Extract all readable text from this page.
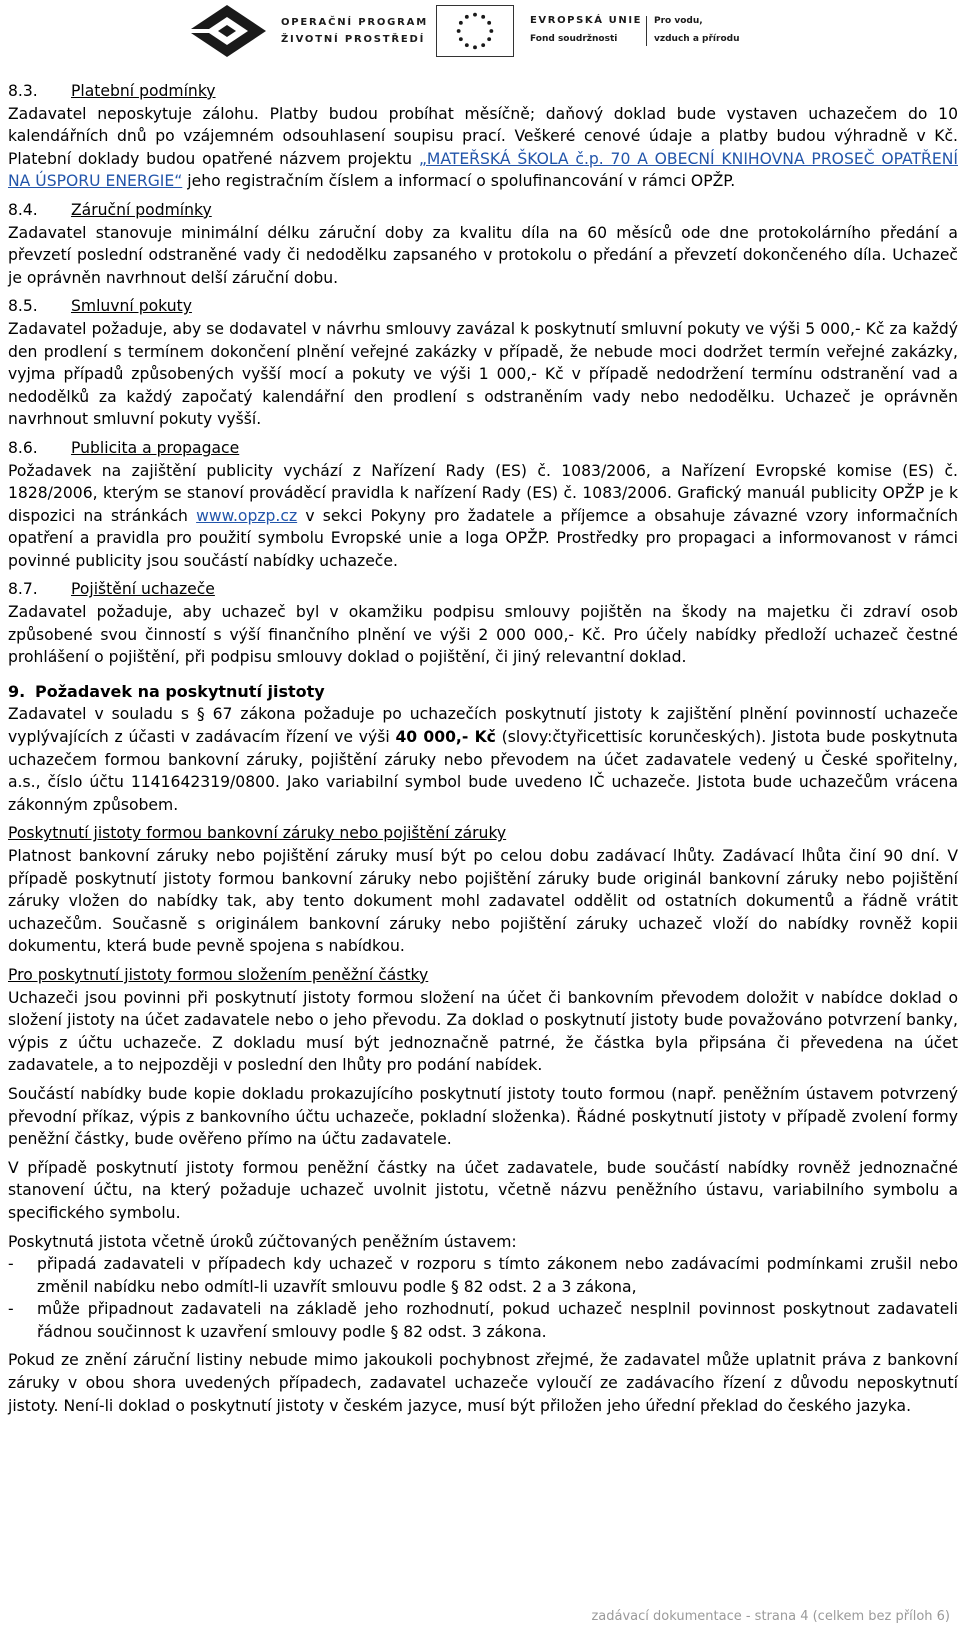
OPERAČNÍ PROGRAM
ŽIVOTNÍ PROSTŘEDÍ
EVROPSKÁ UNIE
Fond soudržnosti
Pro vodu,
vzduch a přírodu

8.3. Platební podmínky

Zadavatel neposkytuje zálohu. Platby budou probíhat měsíčně; daňový doklad bude vystaven uchazečem do 10 kalendářních dnů po vzájemném odsouhlasení soupisu prací. Veškeré cenové údaje a platby budou výhradně v Kč. Platební doklady budou opatřené názvem projektu „MATEŘSKÁ ŠKOLA č.p. 70 A OBECNÍ KNIHOVNA PROSEČ OPATŘENÍ NA ÚSPORU ENERGIE“ jeho registračním číslem a informací o spolufinancování v rámci OPŽP.

8.4. Záruční podmínky

Zadavatel stanovuje minimální délku záruční doby za kvalitu díla na 60 měsíců ode dne protokolárního předání a převzetí poslední odstraněné vady či nedodělku zapsaného v protokolu o předání a převzetí dokončeného díla. Uchazeč je oprávněn navrhnout delší záruční dobu.

8.5. Smluvní pokuty

Zadavatel požaduje, aby se dodavatel v návrhu smlouvy zavázal k poskytnutí smluvní pokuty ve výši 5 000,- Kč za každý den prodlení s termínem dokončení plnění veřejné zakázky v případě, že nebude moci dodržet termín veřejné zakázky, vyjma případů způsobených vyšší mocí a pokuty ve výši 1 000,- Kč v případě nedodržení termínu odstranění vad a nedodělků za každý započatý kalendářní den prodlení s odstraněním vady nebo nedodělku. Uchazeč je oprávněn navrhnout smluvní pokuty vyšší.

8.6. Publicita a propagace

Požadavek na zajištění publicity vychází z Nařízení Rady (ES) č. 1083/2006, a Nařízení Evropské komise (ES) č. 1828/2006, kterým se stanoví prováděcí pravidla k nařízení Rady (ES) č. 1083/2006. Grafický manuál publicity OPŽP je k dispozici na stránkách www.opzp.cz v sekci Pokyny pro žadatele a příjemce a obsahuje závazné vzory informačních opatření a pravidla pro použití symbolu Evropské unie a loga OPŽP. Prostředky pro propagaci a informovanost v rámci povinné publicity jsou součástí nabídky uchazeče.

8.7. Pojištění uchazeče

Zadavatel požaduje, aby uchazeč byl v okamžiku podpisu smlouvy pojištěn na škody na majetku či zdraví osob způsobené svou činností s výší finančního plnění ve výši 2 000 000,- Kč. Pro účely nabídky předloží uchazeč čestné prohlášení o pojištění, při podpisu smlouvy doklad o pojištění, či jiný relevantní doklad.

9. Požadavek na poskytnutí jistoty

Zadavatel v souladu s § 67 zákona požaduje po uchazečích poskytnutí jistoty k zajištění plnění povinností uchazeče vyplývajících z účasti v zadávacím řízení ve výši 40 000,- Kč (slovy:čtyřicettisíc korunčeských). Jistota bude poskytnuta uchazečem formou bankovní záruky, pojištění záruky nebo převodem na účet zadavatele vedený u České spořitelny, a.s., číslo účtu 1141642319/0800. Jako variabilní symbol bude uvedeno IČ uchazeče. Jistota bude uchazečům vrácena zákonným způsobem.

Poskytnutí jistoty formou bankovní záruky nebo pojištění záruky

Platnost bankovní záruky nebo pojištění záruky musí být po celou dobu zadávací lhůty. Zadávací lhůta činí 90 dní. V případě poskytnutí jistoty formou bankovní záruky nebo pojištění záruky bude originál bankovní záruky nebo pojištění záruky vložen do nabídky tak, aby tento dokument mohl zadavatel oddělit od ostatních dokumentů a řádně vrátit uchazečům. Současně s originálem bankovní záruky nebo pojištění záruky uchazeč vloží do nabídky rovněž kopii dokumentu, která bude pevně spojena s nabídkou.

Pro poskytnutí jistoty formou složením peněžní částky

Uchazeči jsou povinni při poskytnutí jistoty formou složení na účet či bankovním převodem doložit v nabídce doklad o složení jistoty na účet zadavatele nebo o jeho převodu. Za doklad o poskytnutí jistoty bude považováno potvrzení banky, výpis z účtu uchazeče. Z dokladu musí být jednoznačně patrné, že částka byla připsána či převedena na účet zadavatele, a to nejpozději v poslední den lhůty pro podání nabídek.

Součástí nabídky bude kopie dokladu prokazujícího poskytnutí jistoty touto formou (např. peněžním ústavem potvrzený převodní příkaz, výpis z bankovního účtu uchazeče, pokladní složenka). Řádné poskytnutí jistoty v případě zvolení formy peněžní částky, bude ověřeno přímo na účtu zadavatele.

V případě poskytnutí jistoty formou peněžní částky na účet zadavatele, bude součástí nabídky rovněž jednoznačné stanovení účtu, na který požaduje uchazeč uvolnit jistotu, včetně názvu peněžního ústavu, variabilního symbolu a specifického symbolu.

Poskytnutá jistota včetně úroků zúčtovaných peněžním ústavem:

-	připadá zadavateli v případech kdy uchazeč v rozporu s tímto zákonem nebo zadávacími podmínkami zrušil nebo změnil nabídku nebo odmítl-li uzavřít smlouvu podle § 82 odst. 2 a 3 zákona,
-	může připadnout zadavateli na základě jeho rozhodnutí, pokud uchazeč nesplnil povinnost poskytnout zadavateli řádnou součinnost k uzavření smlouvy podle § 82 odst. 3 zákona.

Pokud ze znění záruční listiny nebude mimo jakoukoli pochybnost zřejmé, že zadavatel může uplatnit práva z bankovní záruky v obou shora uvedených případech, zadavatel uchazeče vyloučí ze zadávacího řízení z důvodu neposkytnutí jistoty. Není-li doklad o poskytnutí jistoty v českém jazyce, musí být přiložen jeho úřední překlad do českého jazyka.

zadávací dokumentace - strana 4 (celkem bez příloh 6)
